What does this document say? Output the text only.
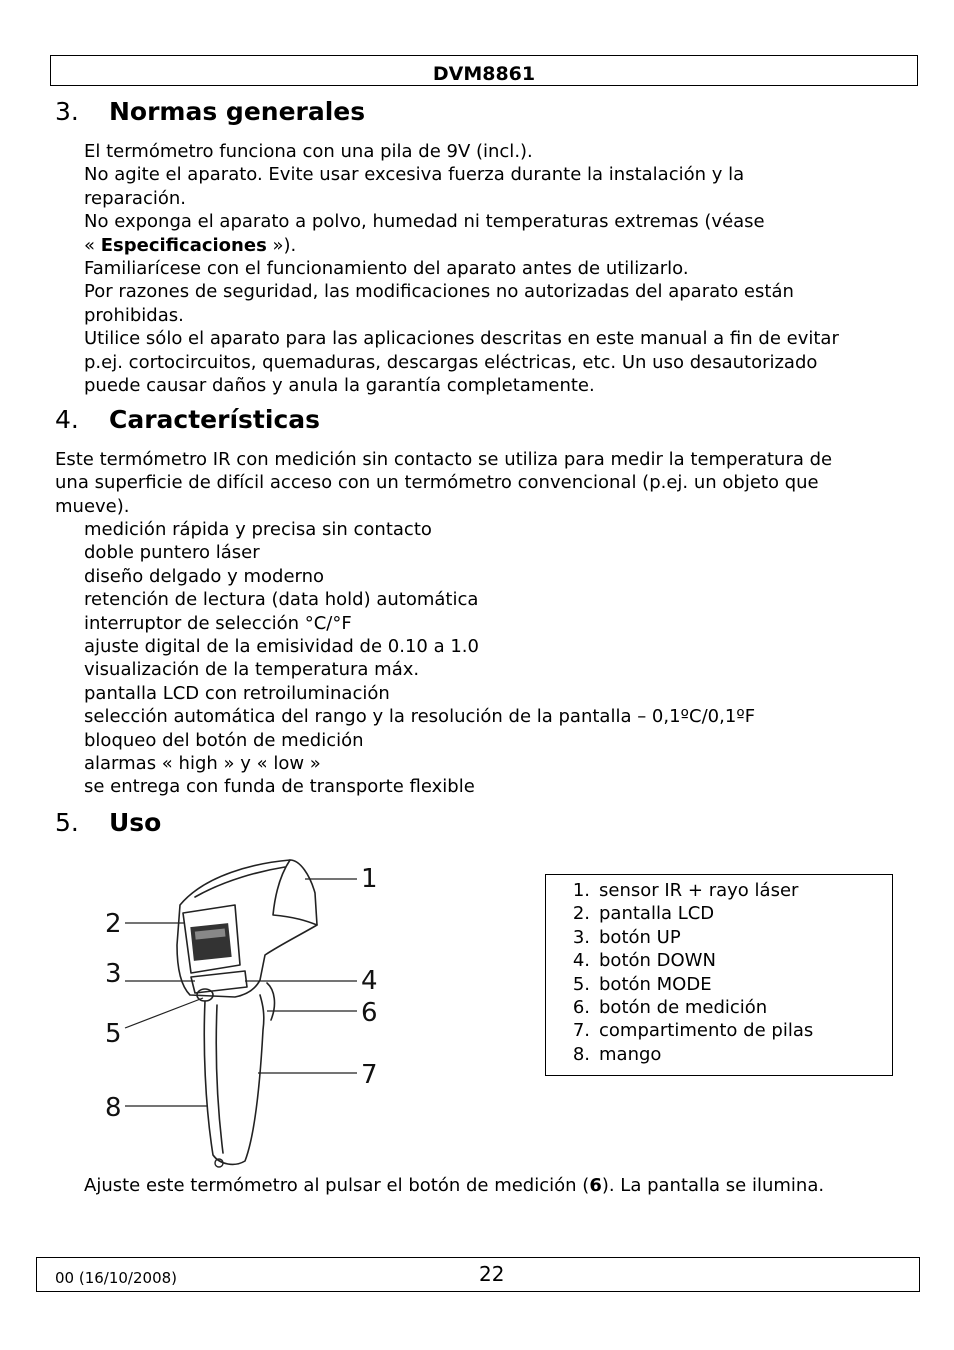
DVM8861
3. Normas generales
El termómetro funciona con una pila de 9V (incl.).
No agite el aparato. Evite usar excesiva fuerza durante la instalación y la
reparación.
No exponga el aparato a polvo, humedad ni temperaturas extremas (véase
« Especificaciones »).
Familiarícese con el funcionamiento del aparato antes de utilizarlo.
Por razones de seguridad, las modificaciones no autorizadas del aparato están
prohibidas.
Utilice sólo el aparato para las aplicaciones descritas en este manual a fin de evitar
p.ej. cortocircuitos, quemaduras, descargas eléctricas, etc. Un uso desautorizado
puede causar daños y anula la garantía completamente.
4. Características
Este termómetro IR con medición sin contacto se utiliza para medir la temperatura de
una superficie de difícil acceso con un termómetro convencional (p.ej. un objeto que
mueve).
medición rápida y precisa sin contacto
doble puntero láser
diseño delgado y moderno
retención de lectura (data hold) automática
interruptor de selección °C/°F
ajuste digital de la emisividad de 0.10 a 1.0
visualización de la temperatura máx.
pantalla LCD con retroiluminación
selección automática del rango y la resolución de la pantalla – 0,1ºC/0,1ºF
bloqueo del botón de medición
alarmas « high » y « low »
se entrega con funda de transporte flexible
5. Uso
1
2
3	4
5
6
7
8
1. sensor IR + rayo láser
2. pantalla LCD
3. botón UP
4. botón DOWN
5. botón MODE
6. botón de medición
7. compartimento de pilas
8. mango
Ajuste este termómetro al pulsar el botón de medición (6). La pantalla se ilumina.
00 (16/10/2008)	22
